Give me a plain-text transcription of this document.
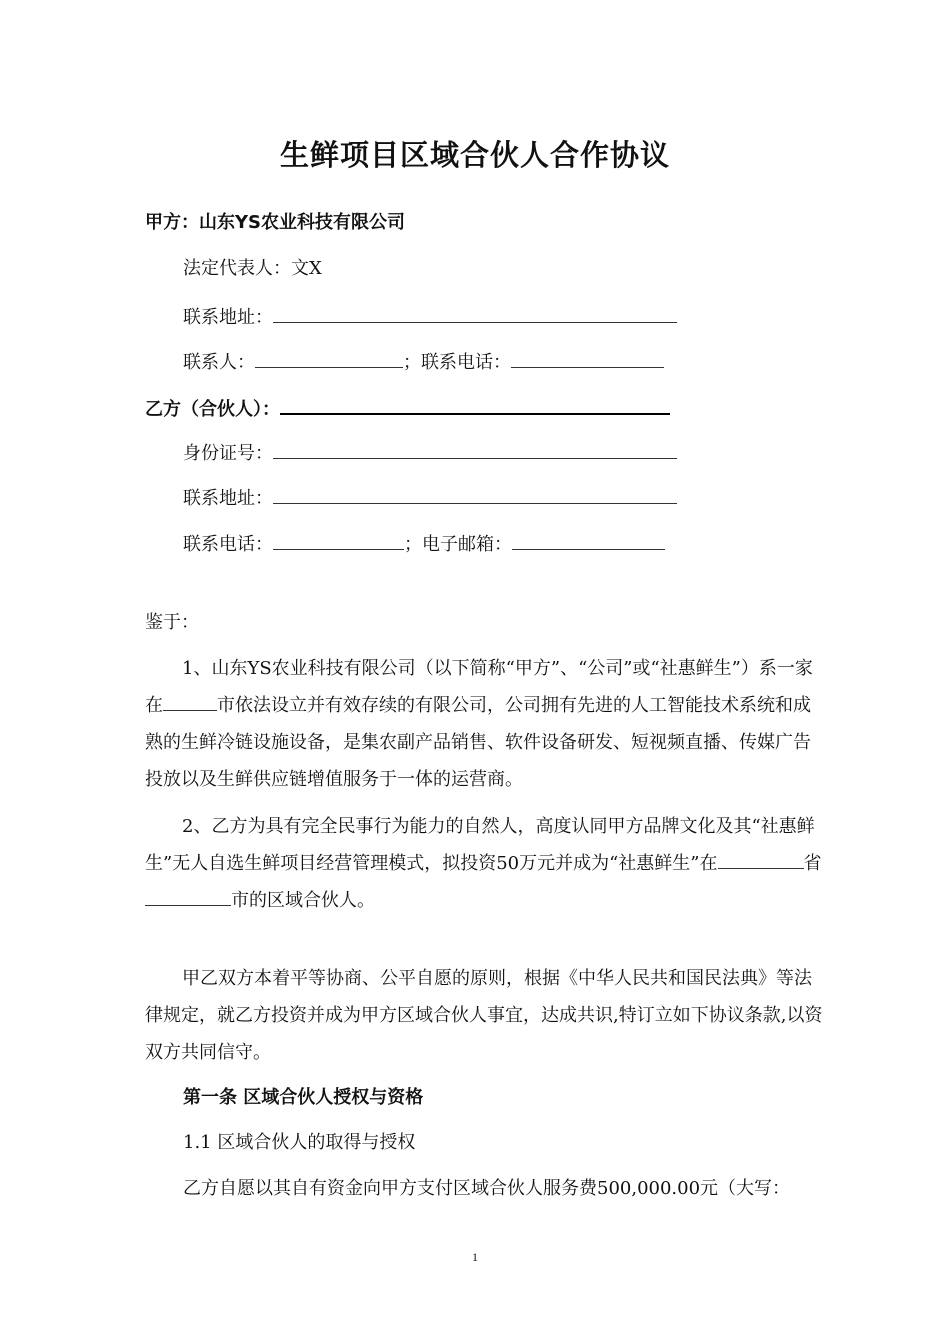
生鲜项目区域合伙人合作协议
甲方：山东YS农业科技有限公司
法定代表人：文X
联系地址：
联系人：	；联系电话：
乙方（合伙人）：
身份证号：
联系地址：
联系电话：	；电子邮箱：
鉴于：
1、山东YS农业科技有限公司（以下简称“甲方”、“公司”或“社惠鲜生”）系一家在	市依法设立并有效存续的有限公司，公司拥有先进的人工智能技术系统和成熟的生鲜冷链设施设备，是集农副产品销售、软件设备研发、短视频直播、传媒广告投放以及生鲜供应链增值服务于一体的运营商。
2、乙方为具有完全民事行为能力的自然人，高度认同甲方品牌文化及其“社惠鲜生”无人自选生鲜项目经营管理模式，拟投资50万元并成为“社惠鲜生”在	省市的区域合伙人。
甲乙双方本着平等协商、公平自愿的原则，根据《中华人民共和国民法典》等法律规定，就乙方投资并成为甲方区域合伙人事宜，达成共识,特订立如下协议条款,以资双方共同信守。
第一条 区域合伙人授权与资格
1.1 区域合伙人的取得与授权
乙方自愿以其自有资金向甲方支付区域合伙人服务费500,000.00元（大写：
1
